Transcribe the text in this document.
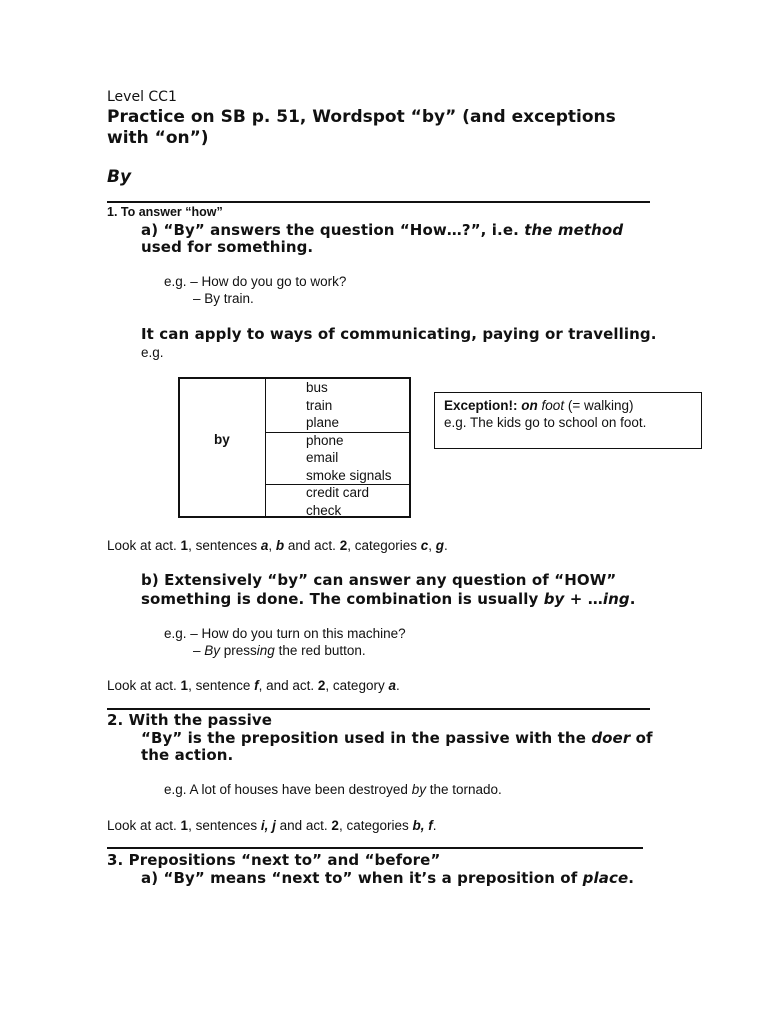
Level CC1
Practice on SB p. 51, Wordspot “by” (and exceptions
with “on”)
By
1. To answer “how”
a) “By” answers the question “How…?”, i.e. the method
used for something.
e.g. – How do you go to work?
– By train.
It can apply to ways of communicating, paying or travelling.
e.g.
by
bus
train
plane
phone
email
smoke signals
credit card
check
Exception!: on foot (= walking)
e.g. The kids go to school on foot.
Look at act. 1, sentences a, b and act. 2, categories c, g.
b) Extensively “by” can answer any question of “HOW”
something is done. The combination is usually by + …ing.
e.g. – How do you turn on this machine?
– By pressing the red button.
Look at act. 1, sentence f, and act. 2, category a.
2. With the passive
“By” is the preposition used in the passive with the doer of
the action.
e.g. A lot of houses have been destroyed by the tornado.
Look at act. 1, sentences i, j and act. 2, categories b, f.
3. Prepositions “next to” and “before”
a) “By” means “next to” when it’s a preposition of place.
